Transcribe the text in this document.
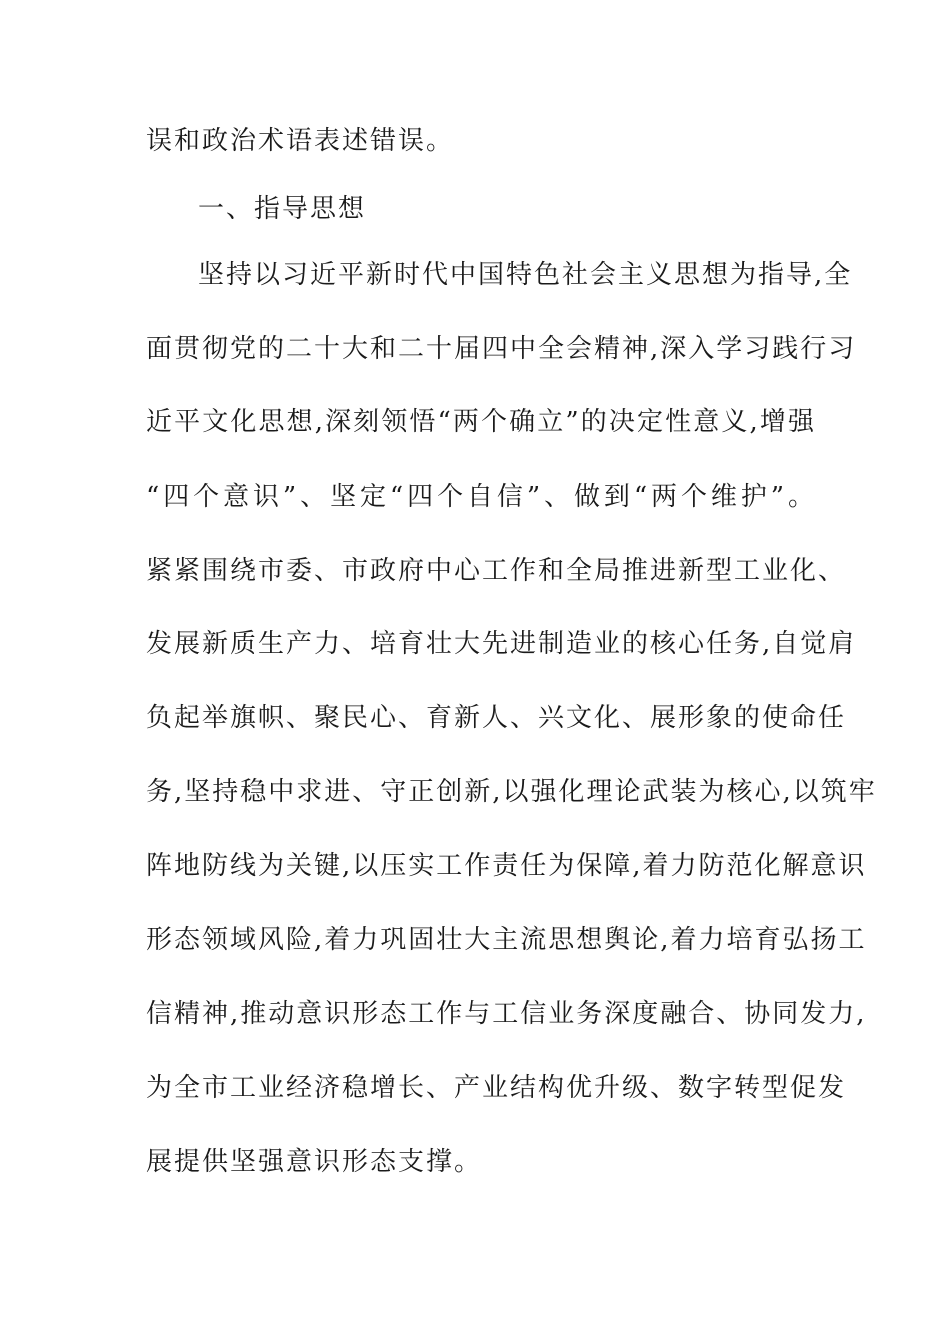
误和政治术语表述错误。
一、指导思想
坚持以习近平新时代中国特色社会主义思想为指导,全
面贯彻党的二十大和二十届四中全会精神,深入学习践行习
近平文化思想,深刻领悟“两个确立”的决定性意义,增强
“四个意识”、坚定“四个自信”、做到“两个维护”。
紧紧围绕市委、市政府中心工作和全局推进新型工业化、
发展新质生产力、培育壮大先进制造业的核心任务,自觉肩
负起举旗帜、聚民心、育新人、兴文化、展形象的使命任
务,坚持稳中求进、守正创新,以强化理论武装为核心,以筑牢
阵地防线为关键,以压实工作责任为保障,着力防范化解意识
形态领域风险,着力巩固壮大主流思想舆论,着力培育弘扬工
信精神,推动意识形态工作与工信业务深度融合、协同发力,
为全市工业经济稳增长、产业结构优升级、数字转型促发
展提供坚强意识形态支撑。
